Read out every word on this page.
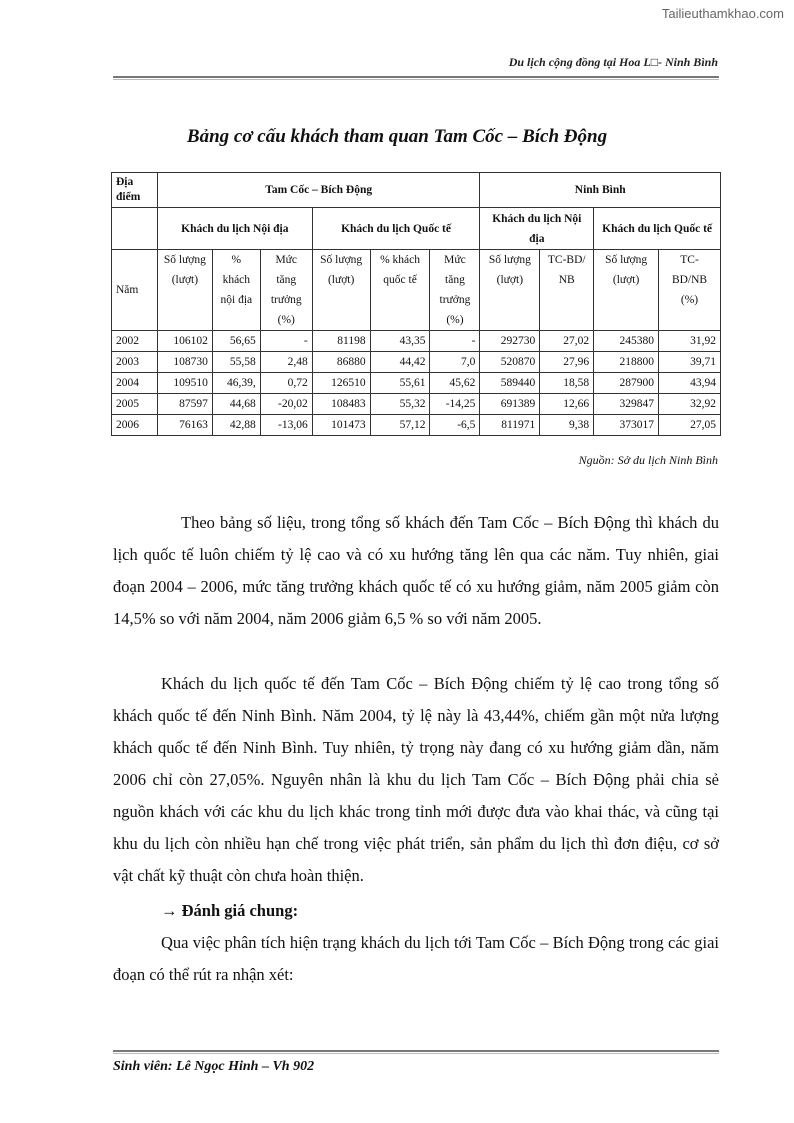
Tailieuthamkhao.com
Du lịch cộng đồng tại Hoa L□- Ninh Bình
Bảng cơ cấu khách tham quan Tam Cốc – Bích Động
Địa điểm	Tam Cốc – Bích Động						Ninh Bình			
	Khách du lịch Nội địa			Khách du lịch Quốc tế			Khách du lịch Nội địa		Khách du lịch Quốc tế	
Năm	Số lượng (lượt)	% khách nội địa	Mức tăng trưởng (%)	Số lượng (lượt)	% khách quốc tế	Mức tăng trưởng (%)	Số lượng (lượt)	TC-BD/ NB	Số lượng (lượt)	TC-BD/NB (%)
2002	106102	56,65	-	81198	43,35	-	292730	27,02	245380	31,92
2003	108730	55,58	2,48	86880	44,42	7,0	520870	27,96	218800	39,71
2004	109510	46,39,	0,72	126510	55,61	45,62	589440	18,58	287900	43,94
2005	87597	44,68	-20,02	108483	55,32	-14,25	691389	12,66	329847	32,92
2006	76163	42,88	-13,06	101473	57,12	-6,5	811971	9,38	373017	27,05
Nguồn: Sở du lịch Ninh Bình

Theo bảng số liệu, trong tổng số khách đến Tam Cốc – Bích Động thì khách du lịch quốc tế luôn chiếm tỷ lệ cao và có xu hướng tăng lên qua các năm. Tuy nhiên, giai đoạn 2004 – 2006, mức tăng trưởng khách quốc tế có xu hướng giảm, năm 2005 giảm còn 14,5% so với năm 2004, năm 2006 giảm 6,5 % so với năm 2005.

Khách du lịch quốc tế đến Tam Cốc – Bích Động chiếm tỷ lệ cao trong tổng số khách quốc tế đến Ninh Bình. Năm 2004, tỷ lệ này là 43,44%, chiếm gần một nửa lượng khách quốc tế đến Ninh Bình. Tuy nhiên, tỷ trọng này đang có xu hướng giảm dần, năm 2006 chỉ còn 27,05%. Nguyên nhân là khu du lịch Tam Cốc – Bích Động phải chia sẻ nguồn khách với các khu du lịch khác trong tỉnh mới được đưa vào khai thác, và cũng tại khu du lịch còn nhiều hạn chế trong việc phát triển, sản phẩm du lịch thì đơn điệu, cơ sở vật chất kỹ thuật còn chưa hoàn thiện.

→ Đánh giá chung:

Qua việc phân tích hiện trạng khách du lịch tới Tam Cốc – Bích Động trong các giai đoạn có thể rút ra nhận xét:

Sinh viên: Lê Ngọc Hinh – Vh 902
